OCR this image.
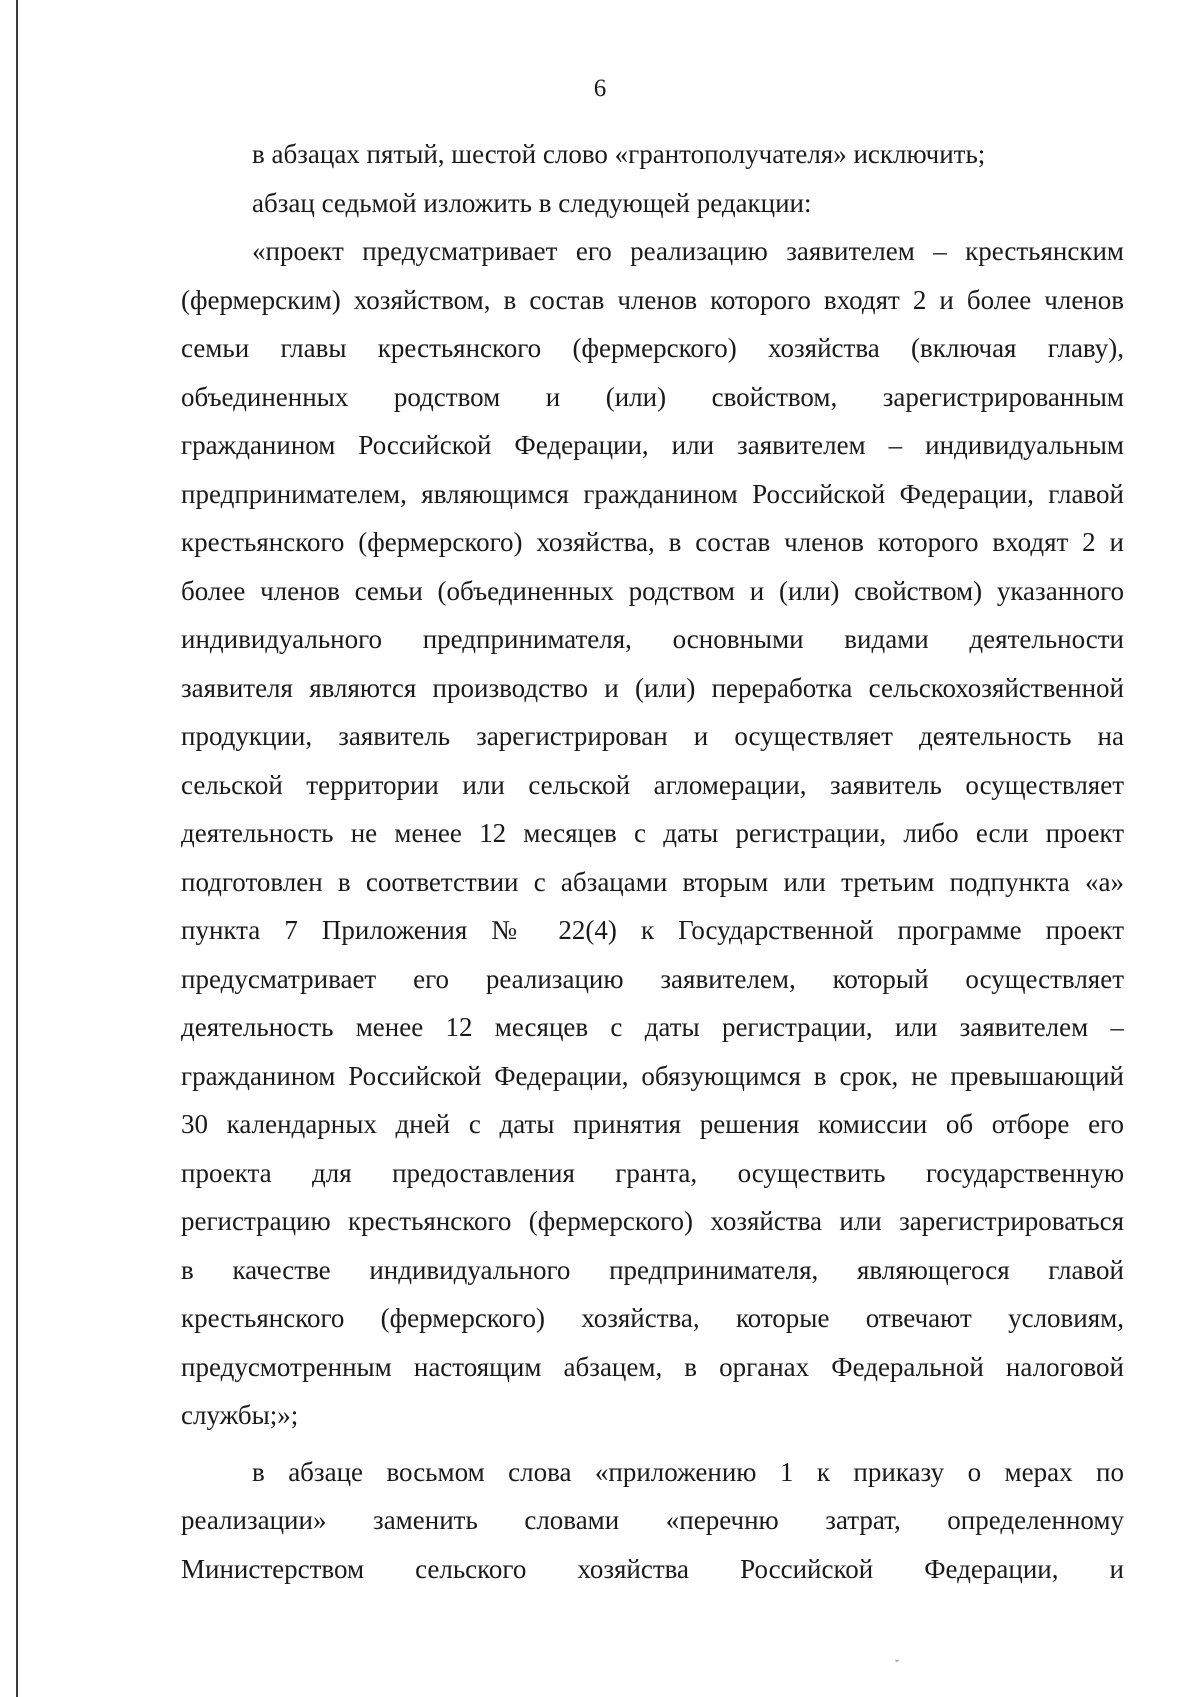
6

в абзацах пятый, шестой слово «грантополучателя» исключить;

абзац седьмой изложить в следующей редакции:

«проект предусматривает его реализацию заявителем – крестьянским

(фермерским) хозяйством, в состав членов которого входят 2 и более членов

семьи главы крестьянского (фермерского) хозяйства (включая главу),

объединенных родством и (или) свойством, зарегистрированным

гражданином Российской Федерации, или заявителем – индивидуальным

предпринимателем, являющимся гражданином Российской Федерации, главой

крестьянского (фермерского) хозяйства, в состав членов которого входят 2 и

более членов семьи (объединенных родством и (или) свойством) указанного

индивидуального предпринимателя, основными видами деятельности

заявителя являются производство и (или) переработка сельскохозяйственной

продукции, заявитель зарегистрирован и осуществляет деятельность на

сельской территории или сельской агломерации, заявитель осуществляет

деятельность не менее 12 месяцев с даты регистрации, либо если проект

подготовлен в соответствии с абзацами вторым или третьим подпункта «а»

пункта 7 Приложения № 22(4) к Государственной программе проект

предусматривает его реализацию заявителем, который осуществляет

деятельность менее 12 месяцев с даты регистрации, или заявителем –

гражданином Российской Федерации, обязующимся в срок, не превышающий

30 календарных дней с даты принятия решения комиссии об отборе его

проекта для предоставления гранта, осуществить государственную

регистрацию крестьянского (фермерского) хозяйства или зарегистрироваться

в качестве индивидуального предпринимателя, являющегося главой

крестьянского (фермерского) хозяйства, которые отвечают условиям,

предусмотренным настоящим абзацем, в органах Федеральной налоговой

службы;»;

в абзаце восьмом слова «приложению 1 к приказу о мерах по

реализации» заменить словами «перечню затрат, определенному

Министерством сельского хозяйства Российской Федерации, и

ˇ
